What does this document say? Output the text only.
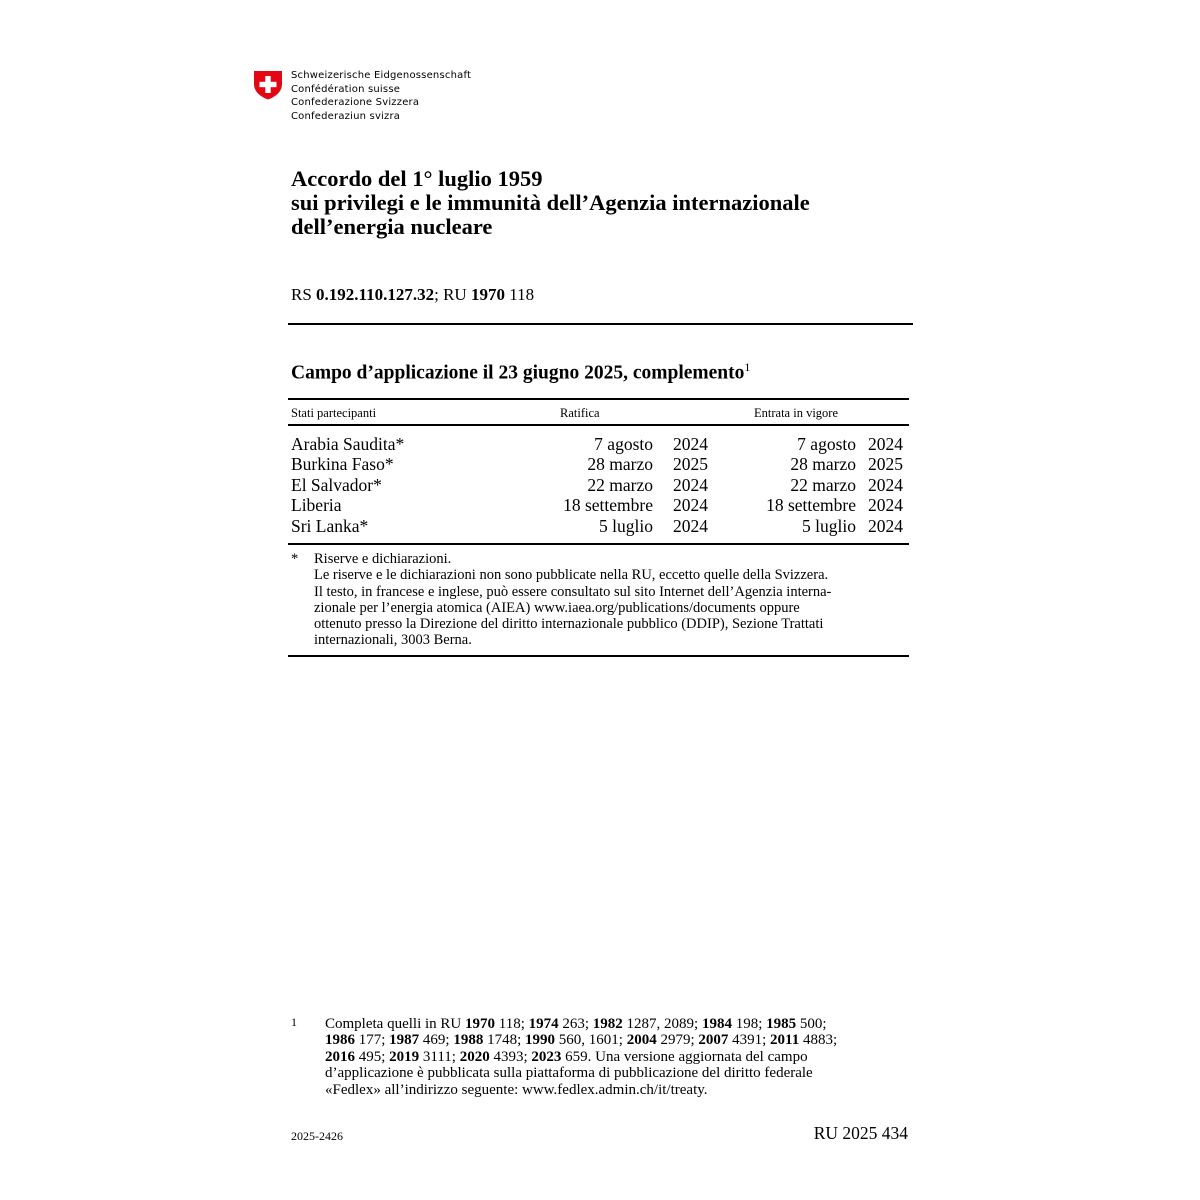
Schweizerische Eidgenossenschaft
Confédération suisse
Confederazione Svizzera
Confederaziun svizra
Accordo del 1° luglio 1959
sui privilegi e le immunità dell’Agenzia internazionale
dell’energia nucleare
RS 0.192.110.127.32; RU 1970 118
Campo d’applicazione il 23 giugno 2025, complemento$^1$
Stati partecipanti	Ratifica	Entrata in vigore
Arabia Saudita*	7 agosto 2024	7 agosto 2024
Burkina Faso*	28 marzo 2025	28 marzo 2025
El Salvador*	22 marzo 2024	22 marzo 2024
Liberia	18 settembre 2024	18 settembre 2024
Sri Lanka*	5 luglio 2024	5 luglio 2024
* Riserve e dichiarazioni.
Le riserve e le dichiarazioni non sono pubblicate nella RU, eccetto quelle della Svizzera.
Il testo, in francese e inglese, può essere consultato sul sito Internet dell’Agenzia interna-
zionale per l’energia atomica (AIEA) www.iaea.org/publications/documents oppure
ottenuto presso la Direzione del diritto internazionale pubblico (DDIP), Sezione Trattati
internazionali, 3003 Berna.
1 Completa quelli in RU 1970 118; 1974 263; 1982 1287, 2089; 1984 198; 1985 500;
1986 177; 1987 469; 1988 1748; 1990 560, 1601; 2004 2979; 2007 4391; 2011 4883;
2016 495; 2019 3111; 2020 4393; 2023 659. Una versione aggiornata del campo
d’applicazione è pubblicata sulla piattaforma di pubblicazione del diritto federale
«Fedlex» all’indirizzo seguente: www.fedlex.admin.ch/it/treaty.
2025-2426	RU 2025 434
